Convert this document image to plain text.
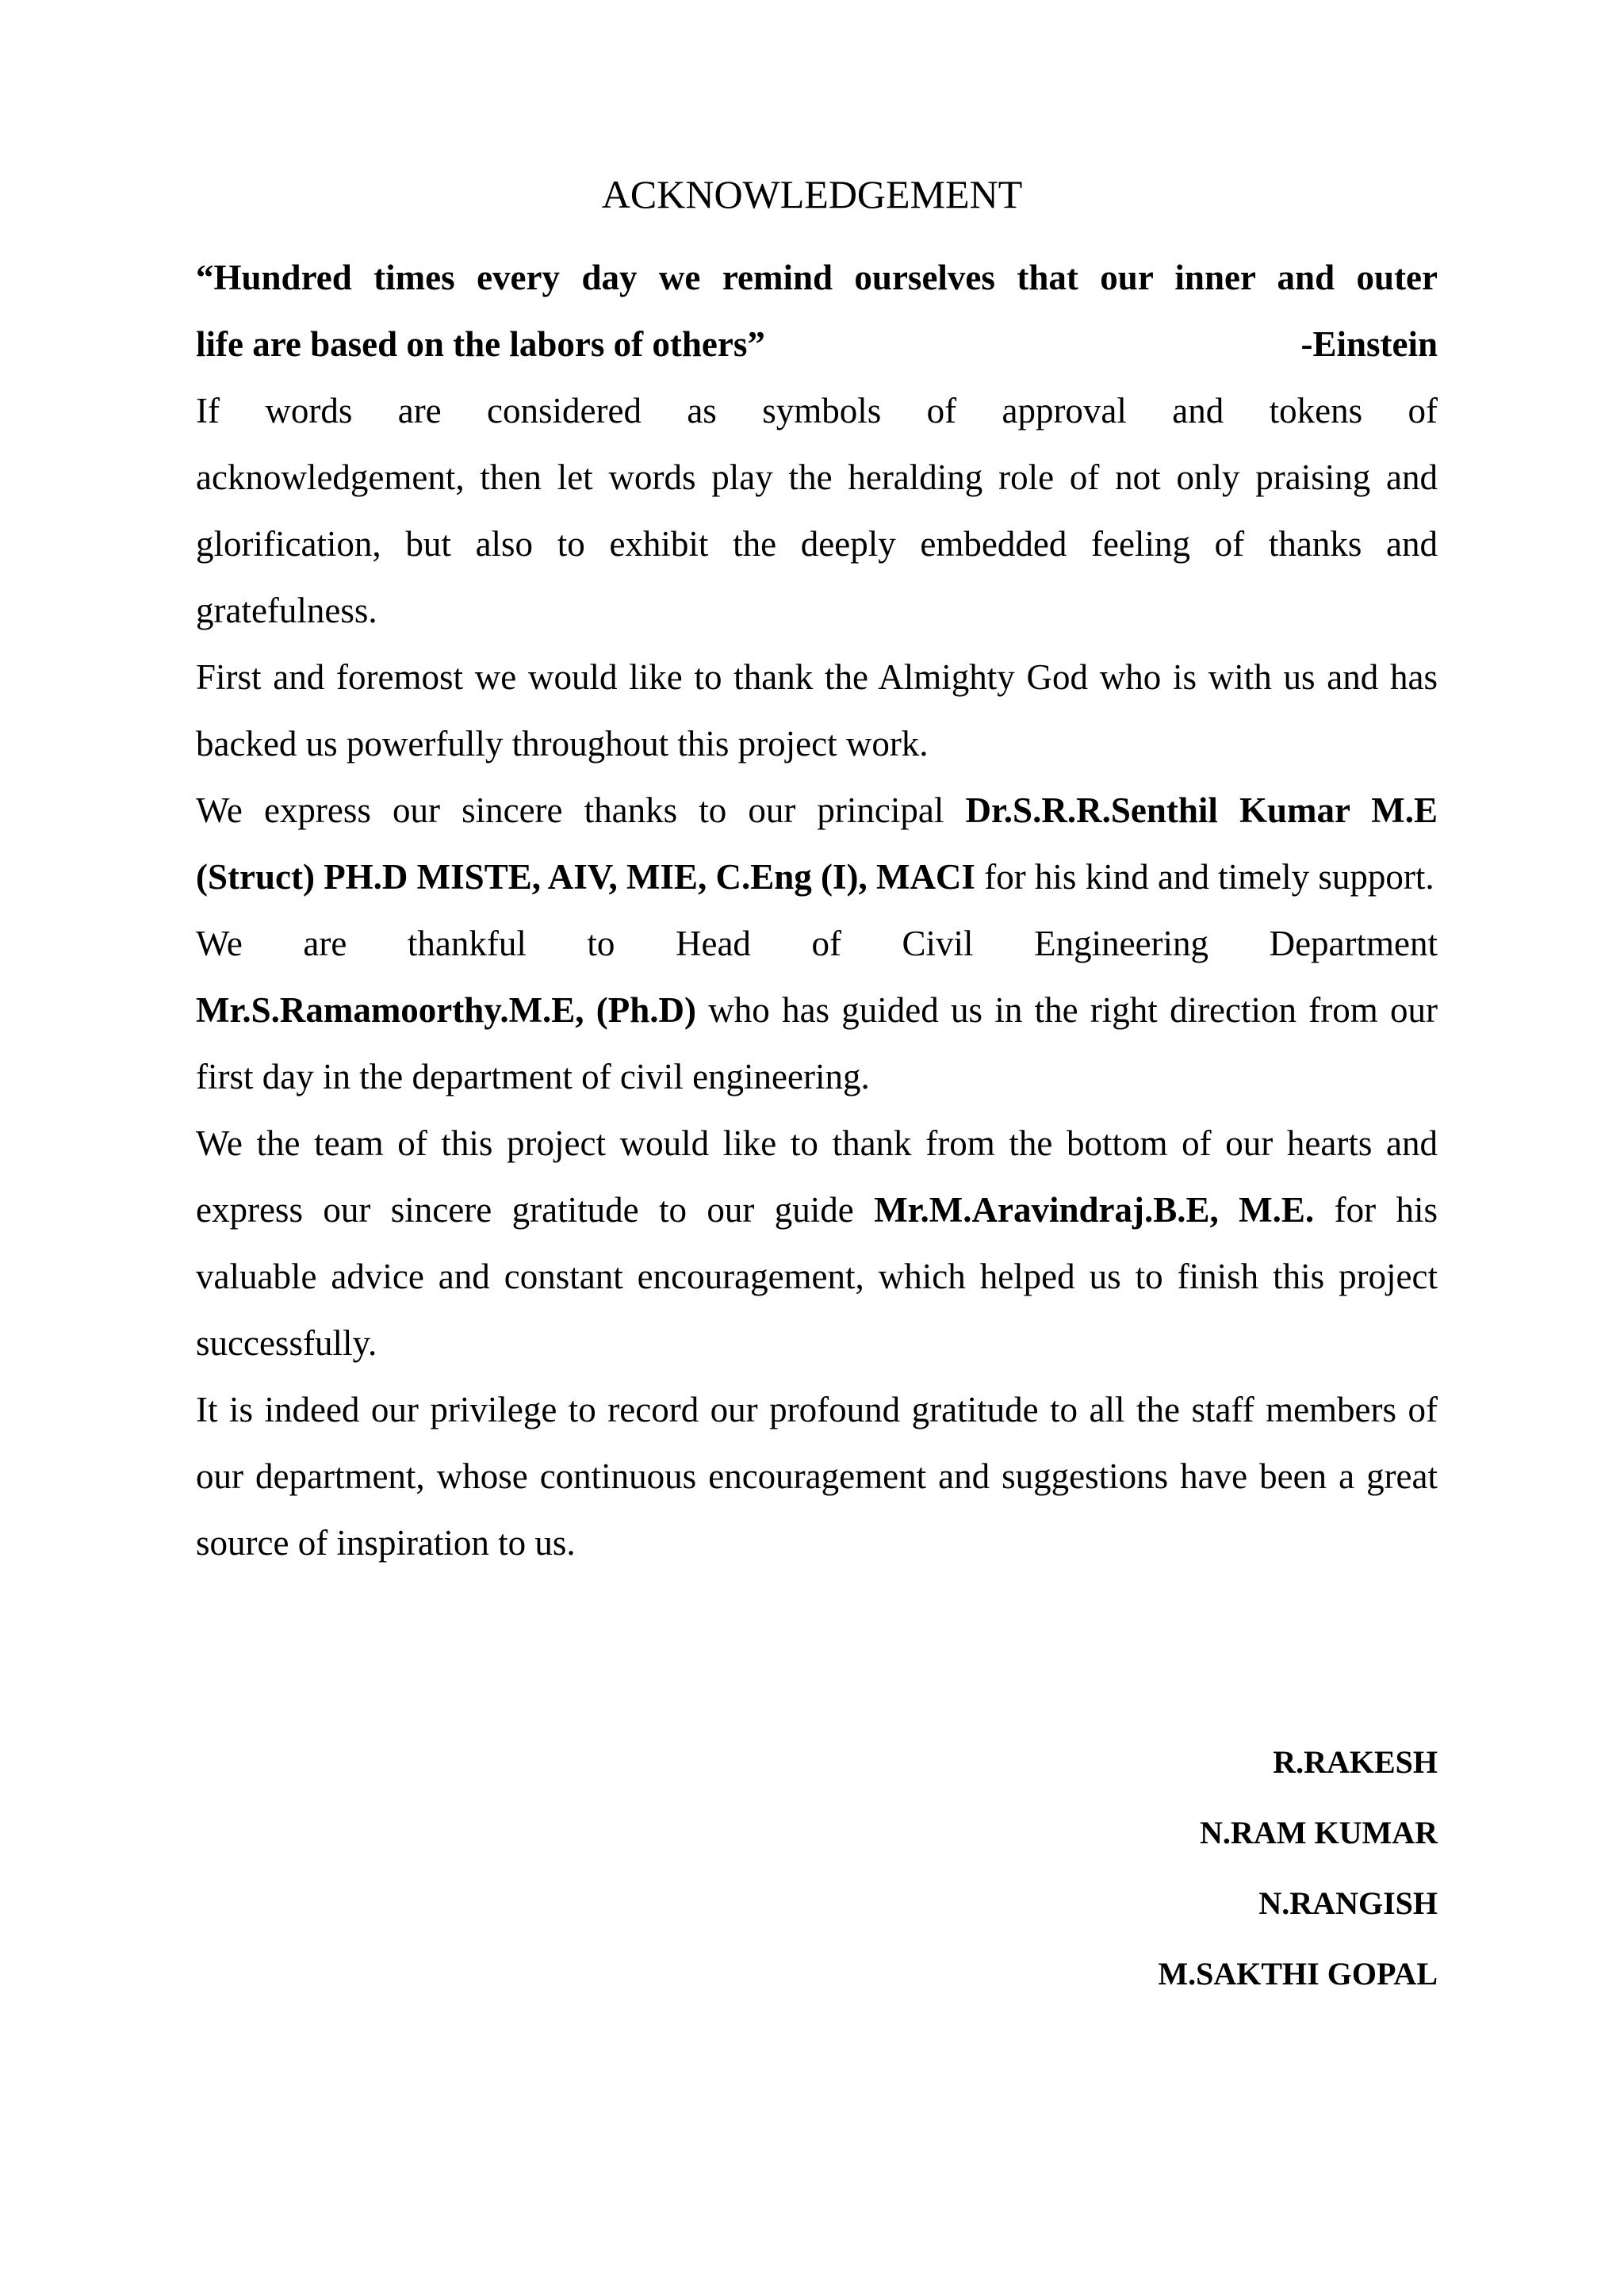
ACKNOWLEDGEMENT

“Hundred times every day we remind ourselves that our inner and outer
life are based on the labors of others”	-Einstein

If words are considered as symbols of approval and tokens of
acknowledgement, then let words play the heralding role of not only praising and glorification, but also to exhibit the deeply embedded feeling of thanks and gratefulness.

First and foremost we would like to thank the Almighty God who is with us and has backed us powerfully throughout this project work.

We express our sincere thanks to our principal Dr.S.R.R.Senthil Kumar M.E (Struct) PH.D MISTE, AIV, MIE, C.Eng (I), MACI for his kind and timely support.

We are thankful to Head of Civil Engineering Department
Mr.S.Ramamoorthy.M.E, (Ph.D) who has guided us in the right direction from our first day in the department of civil engineering.

We the team of this project would like to thank from the bottom of our hearts and express our sincere gratitude to our guide Mr.M.Aravindraj.B.E, M.E. for his valuable advice and constant encouragement, which helped us to finish this project successfully.

It is indeed our privilege to record our profound gratitude to all the staff members of our department, whose continuous encouragement and suggestions have been a great source of inspiration to us.

R.RAKESH
N.RAM KUMAR
N.RANGISH
M.SAKTHI GOPAL
